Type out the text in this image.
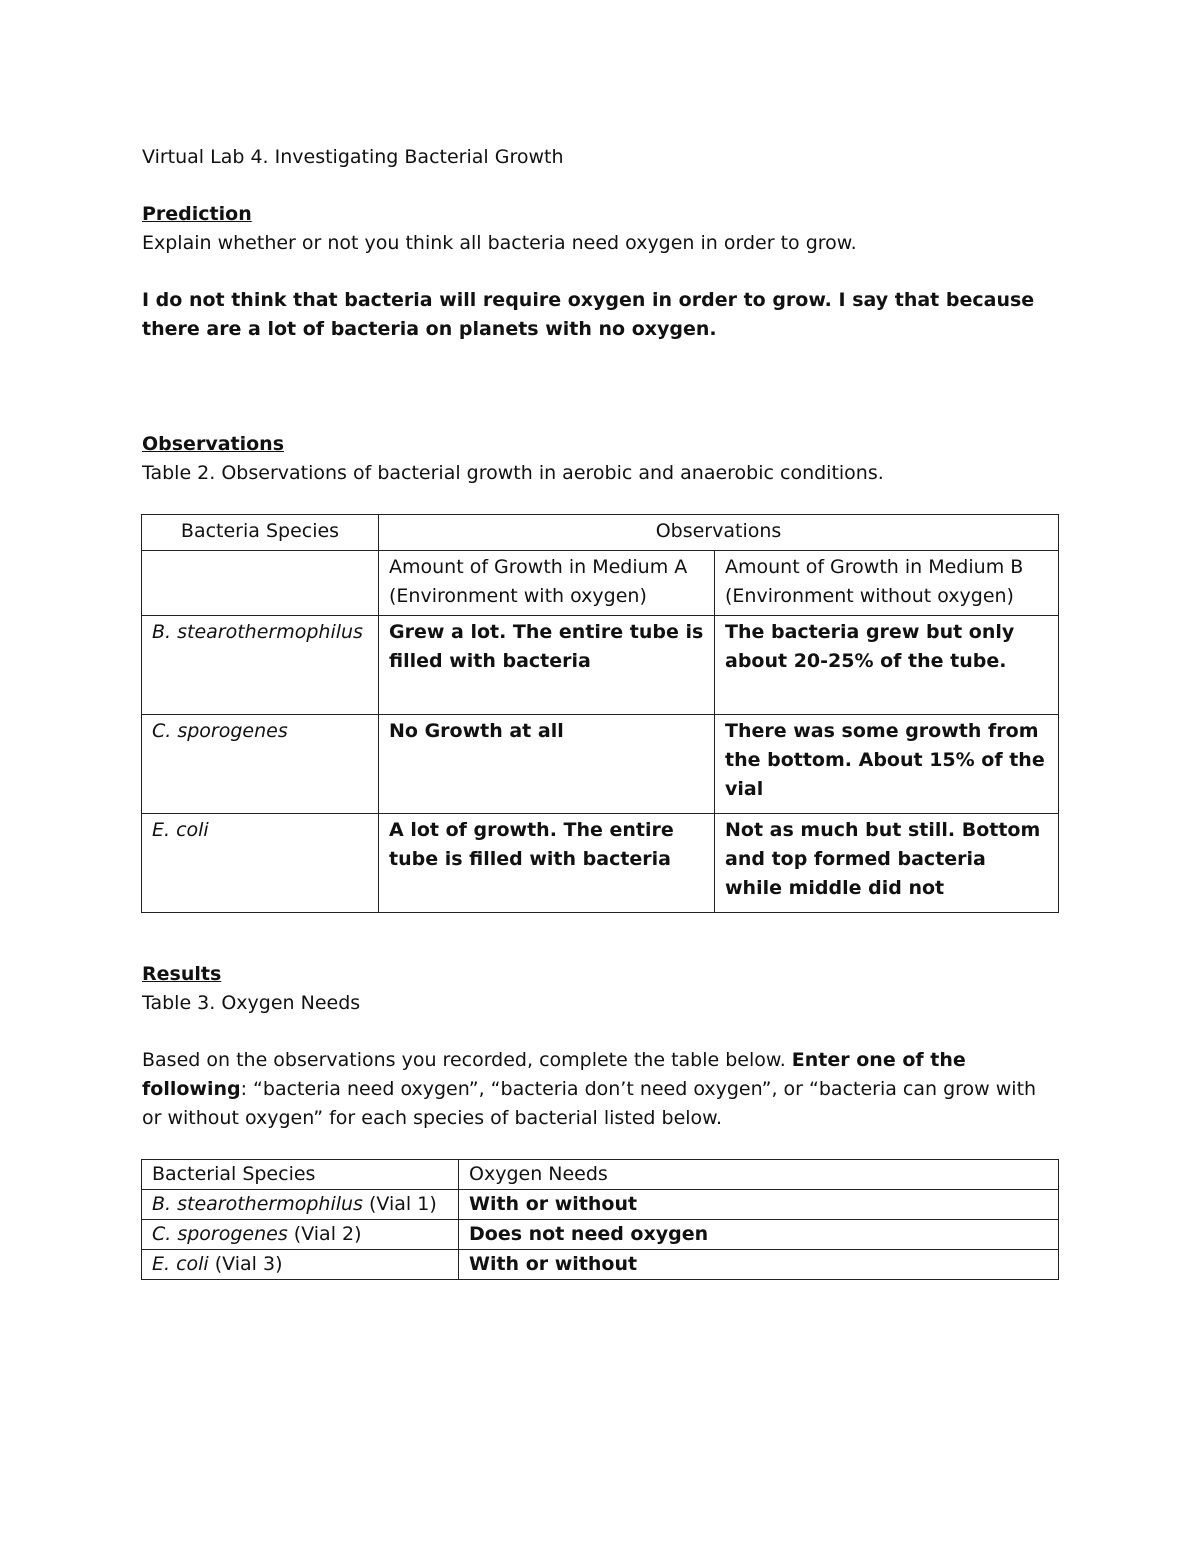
Virtual Lab 4. Investigating Bacterial Growth

Prediction

Explain whether or not you think all bacteria need oxygen in order to grow.

I do not think that bacteria will require oxygen in order to grow. I say that because there are a lot of bacteria on planets with no oxygen.

Observations

Table 2. Observations of bacterial growth in aerobic and anaerobic conditions.

Bacteria Species	Observations	
	Amount of Growth in Medium A (Environment with oxygen)	Amount of Growth in Medium B (Environment without oxygen)
B. stearothermophilus	Grew a lot. The entire tube is filled with bacteria	The bacteria grew but only about 20-25% of the tube.
C. sporogenes	No Growth at all	There was some growth from the bottom. About 15% of the vial
E. coli	A lot of growth. The entire tube is filled with bacteria	Not as much but still. Bottom and top formed bacteria while middle did not

Results

Table 3. Oxygen Needs

Based on the observations you recorded, complete the table below. Enter one of the following: “bacteria need oxygen”, “bacteria don’t need oxygen”, or “bacteria can grow with or without oxygen” for each species of bacterial listed below.

Bacterial Species	Oxygen Needs
B. stearothermophilus (Vial 1)	With or without
C. sporogenes (Vial 2)	Does not need oxygen
E. coli (Vial 3)	With or without
